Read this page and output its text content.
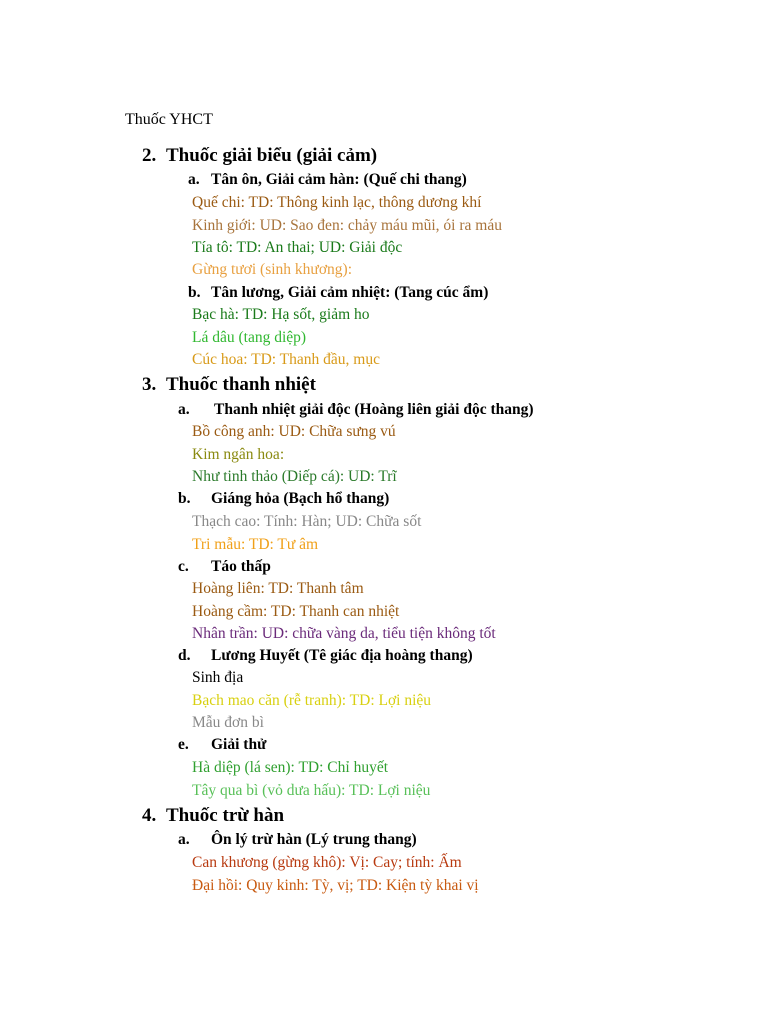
Thuốc YHCT
2. Thuốc giải biểu (giải cảm)
a. Tân ôn, Giải cảm hàn: (Quế chi thang)
Quế chi: TD: Thông kinh lạc, thông dương khí
Kinh giới: UD: Sao đen: chảy máu mũi, ói ra máu
Tía tô: TD: An thai; UD: Giải độc
Gừng tươi (sinh khương):
b. Tân lương, Giải cảm nhiệt: (Tang cúc ẩm)
Bạc hà: TD: Hạ sốt, giảm ho
Lá dâu (tang diệp)
Cúc hoa: TD: Thanh đầu, mục
3. Thuốc thanh nhiệt
a. Thanh nhiệt giải độc (Hoàng liên giải độc thang)
Bồ công anh: UD: Chữa sưng vú
Kim ngân hoa:
Như tinh thảo (Diếp cá): UD: Trĩ
b. Giáng hỏa (Bạch hổ thang)
Thạch cao: Tính: Hàn; UD: Chữa sốt
Tri mẫu: TD: Tư âm
c. Táo thấp
Hoàng liên: TD: Thanh tâm
Hoàng cầm: TD: Thanh can nhiệt
Nhân trần: UD: chữa vàng da, tiểu tiện không tốt
d. Lương Huyết (Tê giác địa hoàng thang)
Sinh địa
Bạch mao căn (rễ tranh): TD: Lợi niệu
Mẫu đơn bì
e. Giải thử
Hà diệp (lá sen): TD: Chỉ huyết
Tây qua bì (vỏ dưa hấu): TD: Lợi niệu
4. Thuốc trừ hàn
a. Ôn lý trừ hàn (Lý trung thang)
Can khương (gừng khô): Vị: Cay; tính: Ấm
Đại hồi: Quy kinh: Tỳ, vị; TD: Kiện tỳ khai vị
